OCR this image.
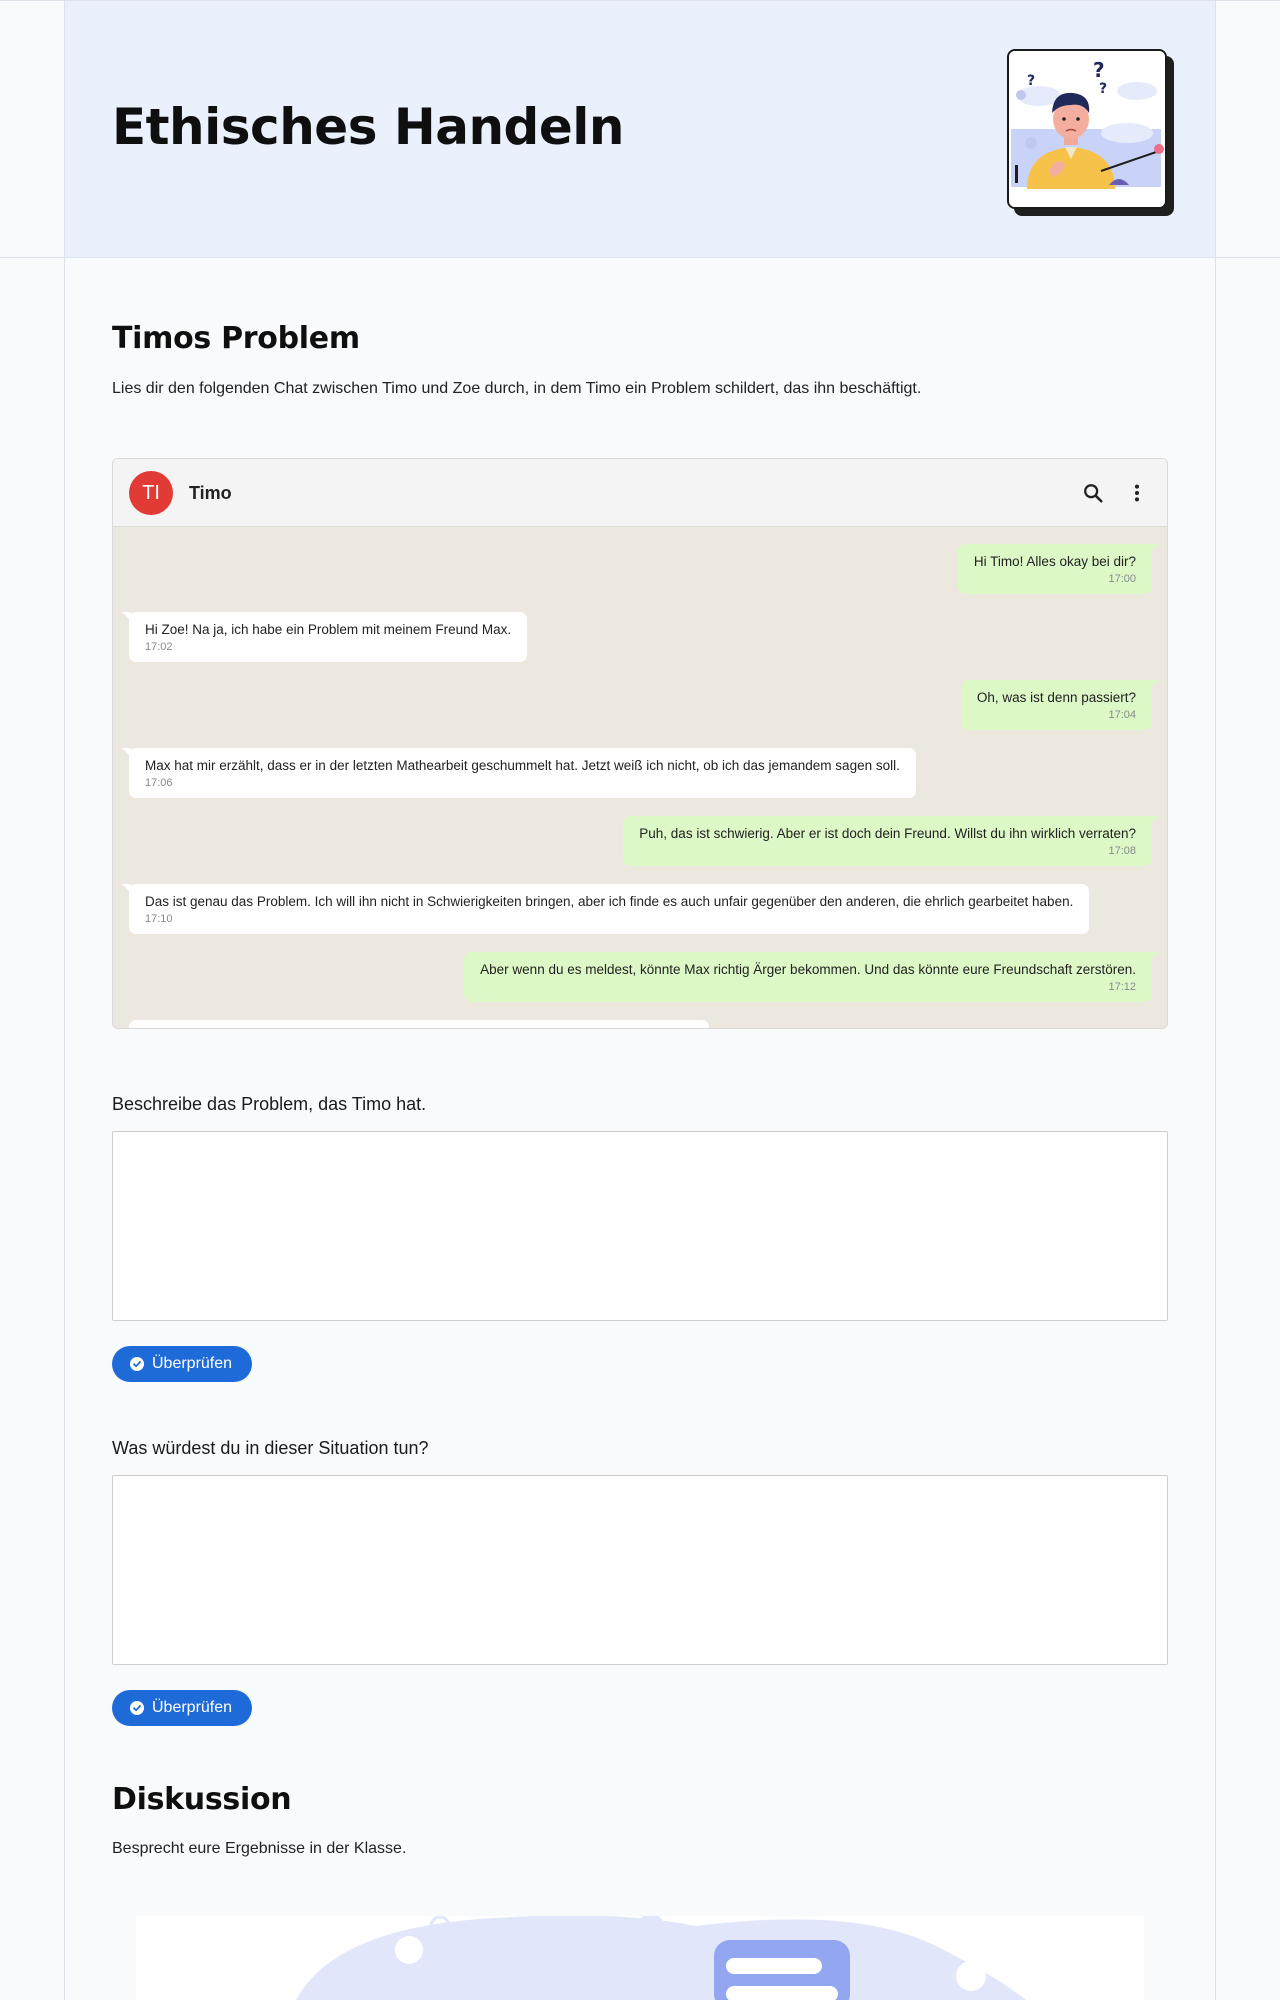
Ethisches Handeln
?	?
?
Timos Problem

Lies dir den folgenden Chat zwischen Timo und Zoe durch, in dem Timo ein Problem schildert, das ihn beschäftigt.

TI	Timo
Hi Timo! Alles okay bei dir?
17:00
Hi Zoe! Na ja, ich habe ein Problem mit meinem Freund Max.
17:02
Oh, was ist denn passiert?
17:04
Max hat mir erzählt, dass er in der letzten Mathearbeit geschummelt hat. Jetzt weiß ich nicht, ob ich das jemandem sagen soll.
17:06
Puh, das ist schwierig. Aber er ist doch dein Freund. Willst du ihn wirklich verraten?
17:08
Das ist genau das Problem. Ich will ihn nicht in Schwierigkeiten bringen, aber ich finde es auch unfair gegenüber den anderen, die ehrlich gearbeitet haben.
17:10
Aber wenn du es meldest, könnte Max richtig Ärger bekommen. Und das könnte eure Freundschaft zerstören.
17:12

Beschreibe das Problem, das Timo hat.

Überprüfen

Was würdest du in dieser Situation tun?

Überprüfen
Diskussion

Besprecht eure Ergebnisse in der Klasse.
